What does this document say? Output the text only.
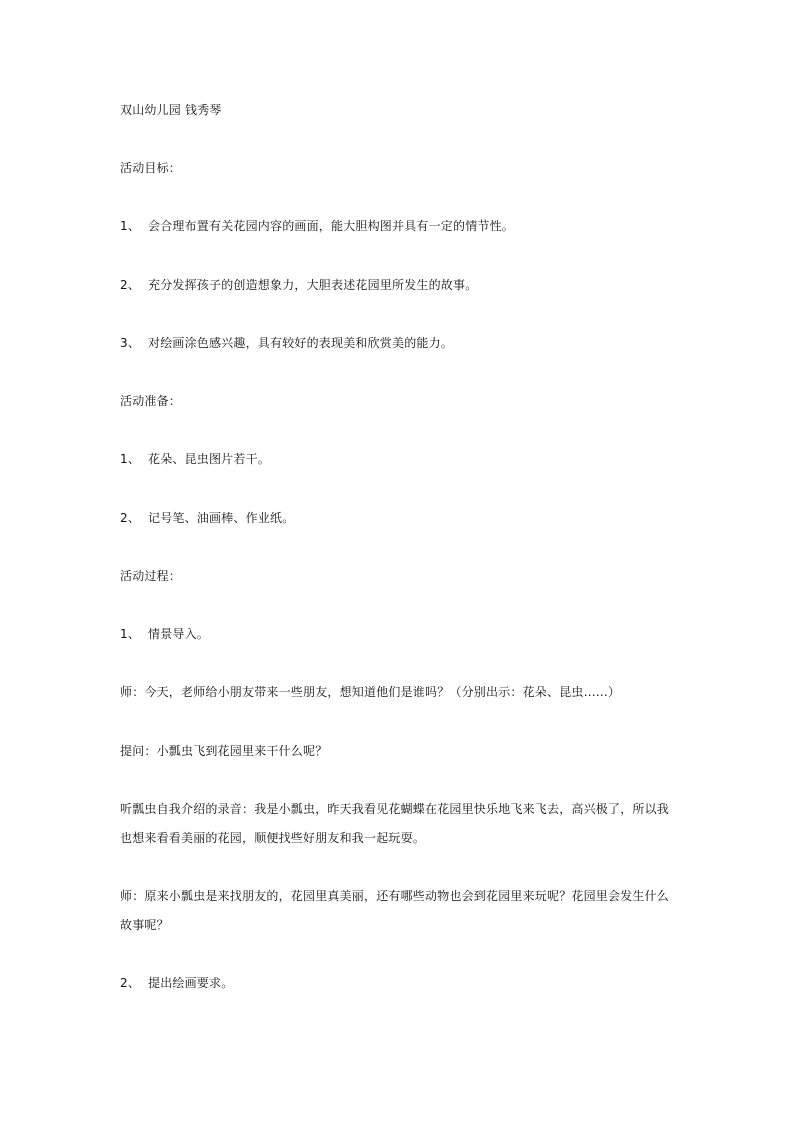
双山幼儿园 钱秀琴
活动目标：
1、 会合理布置有关花园内容的画面，能大胆构图并具有一定的情节性。
2、 充分发挥孩子的创造想象力，大胆表述花园里所发生的故事。
3、 对绘画涂色感兴趣，具有较好的表现美和欣赏美的能力。
活动准备：
1、 花朵、昆虫图片若干。
2、 记号笔、油画棒、作业纸。
活动过程：
1、 情景导入。
师：今天，老师给小朋友带来一些朋友，想知道他们是谁吗？（分别出示：花朵、昆虫……）
提问：小瓢虫飞到花园里来干什么呢？
听瓢虫自我介绍的录音：我是小瓢虫，昨天我看见花蝴蝶在花园里快乐地飞来飞去，高兴极了，所以我也想来看看美丽的花园，顺便找些好朋友和我一起玩耍。
师：原来小瓢虫是来找朋友的，花园里真美丽，还有哪些动物也会到花园里来玩呢？花园里会发生什么故事呢？
2、 提出绘画要求。
